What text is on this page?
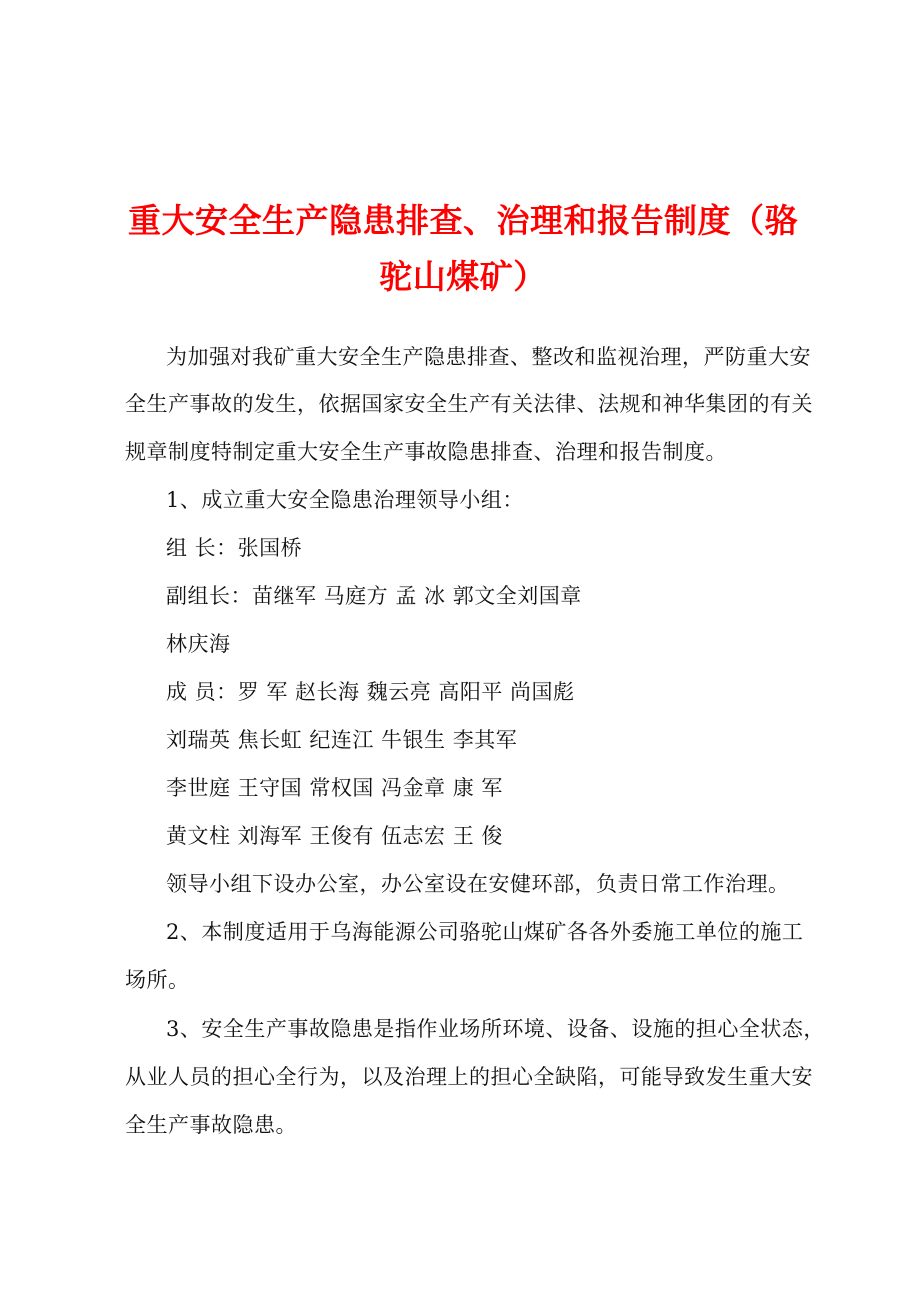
重大安全生产隐患排查、治理和报告制度（骆
驼山煤矿）
为加强对我矿重大安全生产隐患排查、整改和监视治理，严防重大安
全生产事故的发生，依据国家安全生产有关法律、法规和神华集团的有关
规章制度特制定重大安全生产事故隐患排查、治理和报告制度。
1、成立重大安全隐患治理领导小组：
组 长：张国桥
副组长：苗继军 马庭方 孟 冰 郭文全刘国章
林庆海
成 员：罗 军 赵长海 魏云亮 高阳平 尚国彪
刘瑞英 焦长虹 纪连江 牛银生 李其军
李世庭 王守国 常权国 冯金章 康 军
黄文柱 刘海军 王俊有 伍志宏 王 俊
领导小组下设办公室，办公室设在安健环部，负责日常工作治理。
2、本制度适用于乌海能源公司骆驼山煤矿各各外委施工单位的施工
场所。
3、安全生产事故隐患是指作业场所环境、设备、设施的担心全状态，
从业人员的担心全行为，以及治理上的担心全缺陷，可能导致发生重大安
全生产事故隐患。
